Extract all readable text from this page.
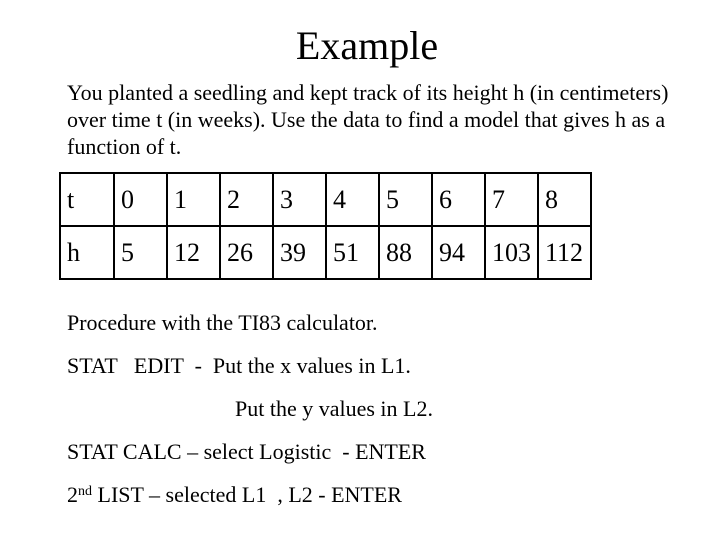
Example
You planted a seedling and kept track of its height h (in centimeters) over time t (in weeks). Use the data to find a model that gives h as a function of t.
t	0	1	2	3	4	5	6	7	8
h	5	12	26	39	51	88	94	103	112
Procedure with the TI83 calculator.
STAT   EDIT  -  Put the x values in L1.
Put the y values in L2.
STAT CALC – select Logistic  - ENTER
2nd LIST – selected L1  , L2 - ENTER
